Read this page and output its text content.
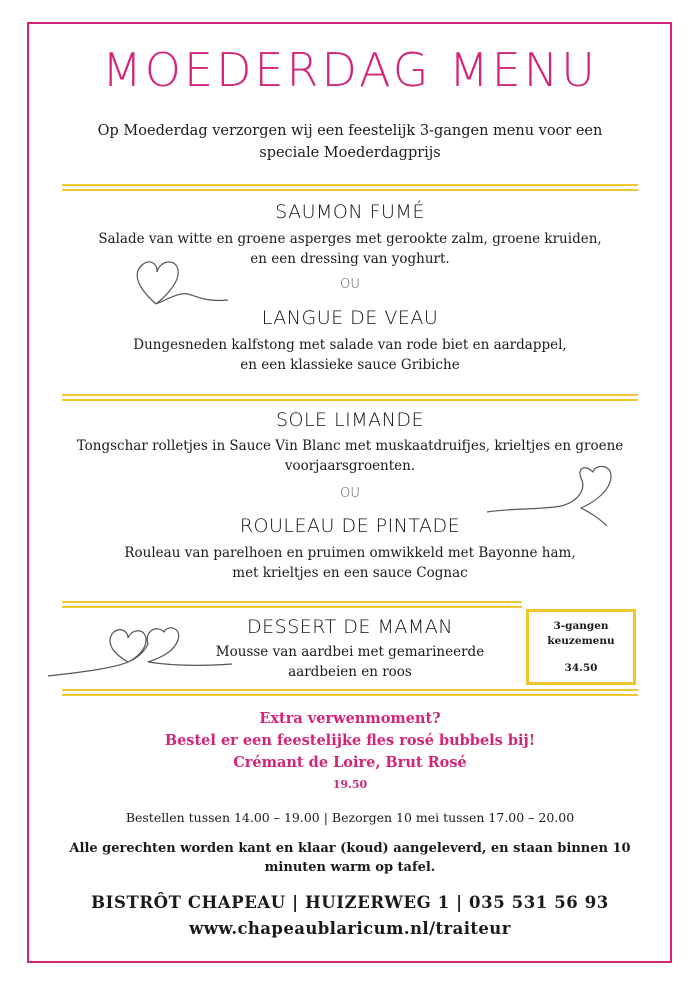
MOEDERDAG MENU
Op Moederdag verzorgen wij een feestelijk 3-gangen menu voor een
speciale Moederdagprijs
SAUMON FUMÉ
Salade van witte en groene asperges met gerookte zalm, groene kruiden,
en een dressing van yoghurt.
OU
LANGUE DE VEAU
Dungesneden kalfstong met salade van rode biet en aardappel,
en een klassieke sauce Gribiche
SOLE LIMANDE
Tongschar rolletjes in Sauce Vin Blanc met muskaatdruifjes, krieltjes en groene
voorjaarsgroenten.
OU
ROULEAU DE PINTADE
Rouleau van parelhoen en pruimen omwikkeld met Bayonne ham,
met krieltjes en een sauce Cognac
DESSERT DE MAMAN
Mousse van aardbei met gemarineerde
aardbeien en roos
3-gangen
keuzemenu
34.50
Extra verwenmoment?
Bestel er een feestelijke fles rosé bubbels bij!
Crémant de Loire, Brut Rosé
19.50
Bestellen tussen 14.00 – 19.00 | Bezorgen 10 mei tussen 17.00 – 20.00
Alle gerechten worden kant en klaar (koud) aangeleverd, en staan binnen 10
minuten warm op tafel.
BISTRÔT CHAPEAU | HUIZERWEG 1 | 035 531 56 93
www.chapeaublaricum.nl/traiteur
